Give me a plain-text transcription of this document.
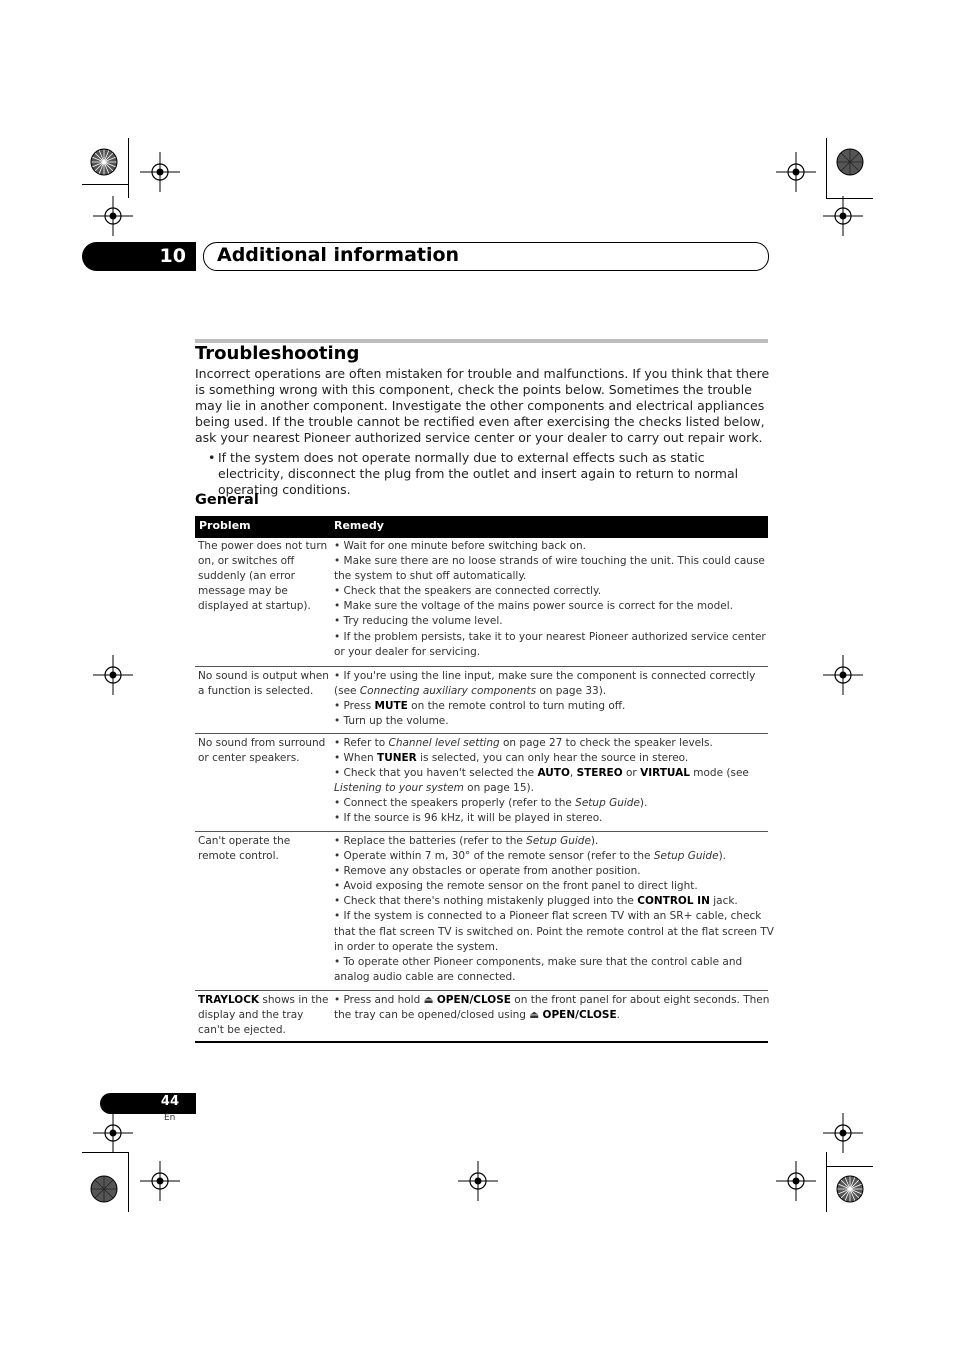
10 Additional information
Troubleshooting

Incorrect operations are often mistaken for trouble and malfunctions. If you think that there is something wrong with this component, check the points below. Sometimes the trouble may lie in another component. Investigate the other components and electrical appliances being used. If the trouble cannot be rectified even after exercising the checks listed below, ask your nearest Pioneer authorized service center or your dealer to carry out repair work.

• If the system does not operate normally due to external effects such as static electricity, disconnect the plug from the outlet and insert again to return to normal operating conditions.
General
Problem	Remedy
The power does not turn on, or switches off suddenly (an error message may be displayed at startup).
• Wait for one minute before switching back on.
• Make sure there are no loose strands of wire touching the unit. This could cause
the system to shut off automatically.
• Check that the speakers are connected correctly.
• Make sure the voltage of the mains power source is correct for the model.
• Try reducing the volume level.
• If the problem persists, take it to your nearest Pioneer authorized service center
or your dealer for servicing.
No sound is output when a function is selected.
• If you're using the line input, make sure the component is connected correctly
(see Connecting auxiliary components on page 33).
• Press MUTE on the remote control to turn muting off.
• Turn up the volume.
No sound from surround or center speakers.
• Refer to Channel level setting on page 27 to check the speaker levels.
• When TUNER is selected, you can only hear the source in stereo.
• Check that you haven't selected the AUTO, STEREO or VIRTUAL mode (see
Listening to your system on page 15).
• Connect the speakers properly (refer to the Setup Guide).
• If the source is 96 kHz, it will be played in stereo.
Can't operate the remote control.
• Replace the batteries (refer to the Setup Guide).
• Operate within 7 m, 30° of the remote sensor (refer to the Setup Guide).
• Remove any obstacles or operate from another position.
• Avoid exposing the remote sensor on the front panel to direct light.
• Check that there's nothing mistakenly plugged into the CONTROL IN jack.
• If the system is connected to a Pioneer flat screen TV with an SR+ cable, check
that the flat screen TV is switched on. Point the remote control at the flat screen TV
in order to operate the system.
• To operate other Pioneer components, make sure that the control cable and
analog audio cable are connected.
TRAYLOCK shows in the display and the tray can't be ejected.
• Press and hold ⏏ OPEN/CLOSE on the front panel for about eight seconds. Then
the tray can be opened/closed using ⏏ OPEN/CLOSE.
44
En
